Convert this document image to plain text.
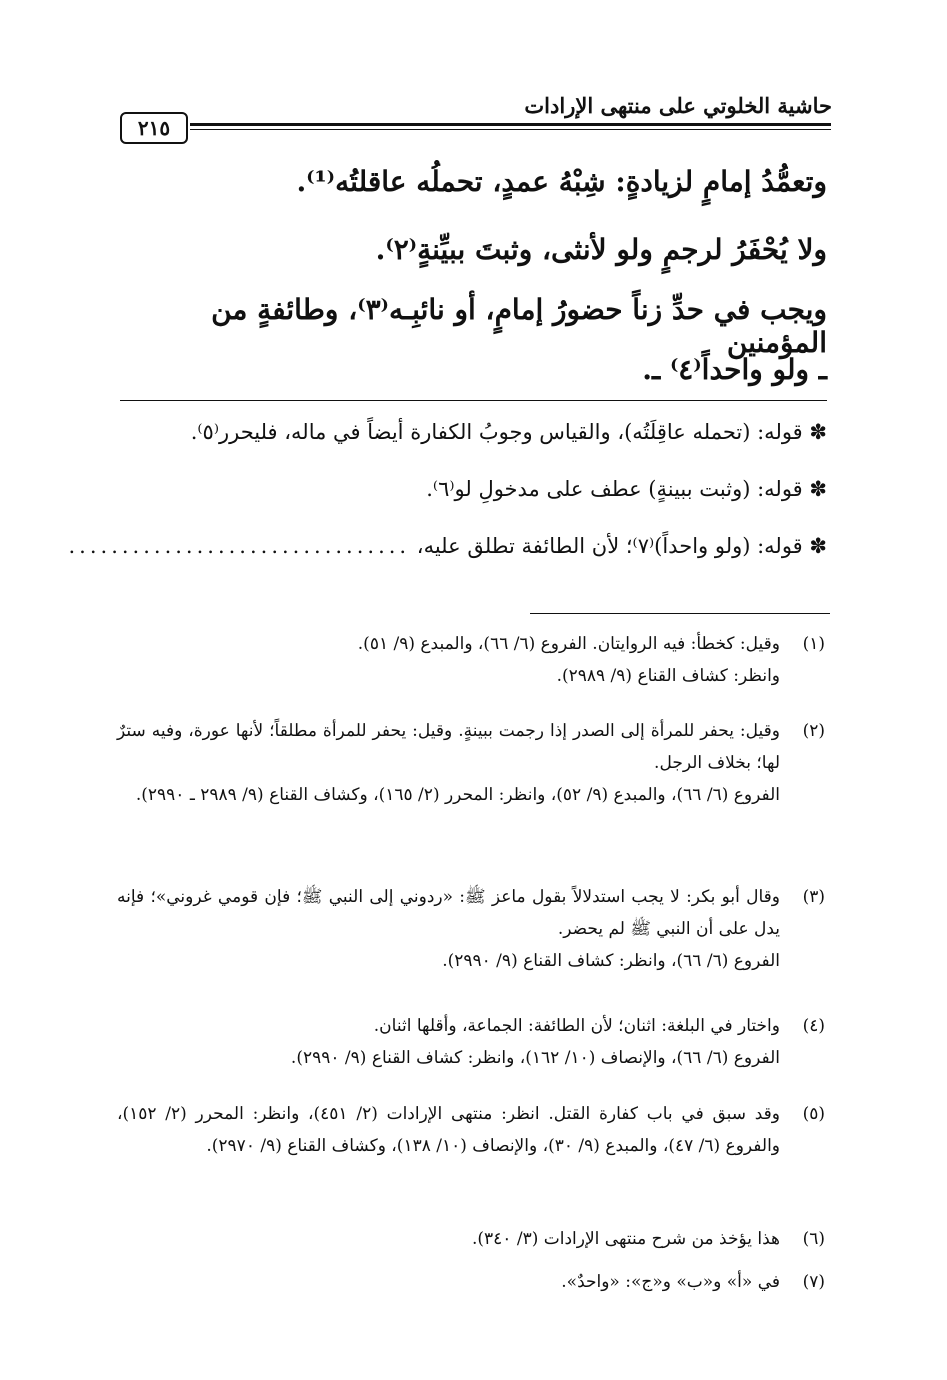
حاشية الخلوتي على منتهى الإرادات
٢١٥
وتعمُّدُ إمامٍ لزيادةٍ: شِبْهُ عمدٍ، تحملُه عاقلتُه⁽¹⁾.
ولا يُحْفَرُ لرجمٍ ولو لأنثى، وثبتَ ببيِّنةٍ⁽٢⁾.
ويجب في حدِّ زناً حضورُ إمامٍ، أو نائبِـه⁽٣⁾، وطائفةٍ من المؤمنين
ـ ولو واحداً⁽٤⁾ ـ.
✽ قوله: (تحمله عاقِلَتُه)، والقياس وجوبُ الكفارة أيضاً في ماله، فليحرر⁽٥⁾.
✽ قوله: (وثبت ببينةٍ) عطف على مدخولِ لو⁽٦⁾.
✽ قوله: (ولو واحداً)⁽٧⁾؛ لأن الطائفة تطلق عليه، ................................
(١)
وقيل: كخطأ: فيه الروايتان. الفروع (٦/ ٦٦)، والمبدع (٩/ ٥١).
وانظر: كشاف القناع (٩/ ٢٩٨٩).
(٢)
وقيل: يحفر للمرأة إلى الصدر إذا رجمت ببينةٍ. وقيل: يحفر للمرأة مطلقاً؛ لأنها عورة، وفيه سترٌ لها؛ بخلاف الرجل.
الفروع (٦/ ٦٦)، والمبدع (٩/ ٥٢)، وانظر: المحرر (٢/ ١٦٥)، وكشاف القناع (٩/ ٢٩٨٩ ـ ٢٩٩٠).
(٣)
وقال أبو بكر: لا يجب استدلالاً بقول ماعز ﷺ: «ردوني إلى النبي ﷺ؛ فإن قومي غروني»؛ فإنه يدل على أن النبي ﷺ لم يحضر.
الفروع (٦/ ٦٦)، وانظر: كشاف القناع (٩/ ٢٩٩٠).
(٤)
واختار في البلغة: اثنان؛ لأن الطائفة: الجماعة، وأقلها اثنان.
الفروع (٦/ ٦٦)، والإنصاف (١٠/ ١٦٢)، وانظر: كشاف القناع (٩/ ٢٩٩٠).
(٥)
وقد سبق في باب كفارة القتل. انظر: منتهى الإرادات (٢/ ٤٥١)، وانظر: المحرر (٢/ ١٥٢)، والفروع (٦/ ٤٧)، والمبدع (٩/ ٣٠)، والإنصاف (١٠/ ١٣٨)، وكشاف القناع (٩/ ٢٩٧٠).
(٦)
هذا يؤخذ من شرح منتهى الإرادات (٣/ ٣٤٠).
(٧)
في «أ» و«ب» و«ج»: «واحدٌ».
